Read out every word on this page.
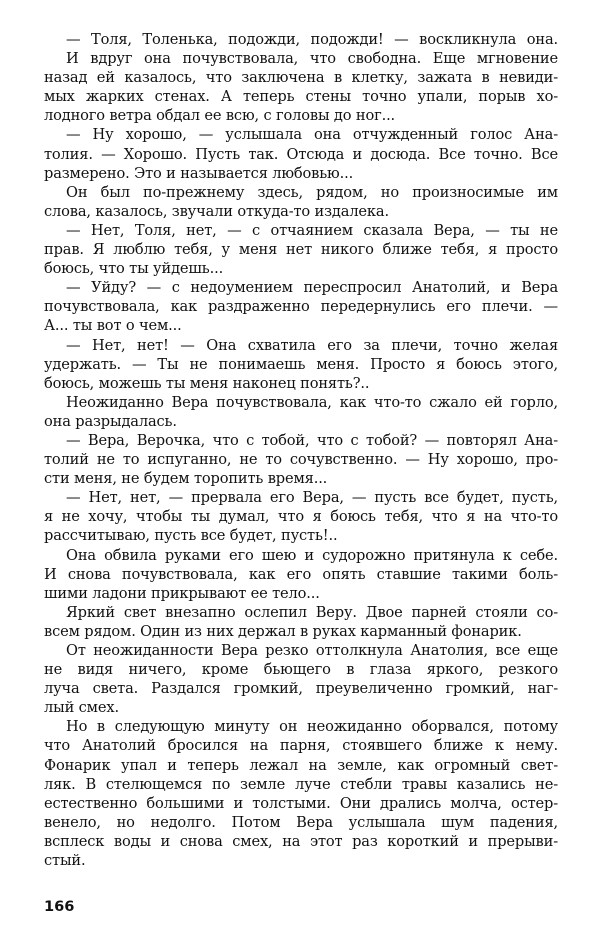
— Толя, Толенька, подожди, подожди! — воскликнула она.
И вдруг она почувствовала, что свободна. Еще мгновение
назад ей казалось, что заключена в клетку, зажата в невиди-
мых жарких стенах. А теперь стены точно упали, порыв хо-
лодного ветра обдал ее всю, с головы до ног...
— Ну хорошо, — услышала она отчужденный голос Ана-
толия. — Хорошо. Пусть так. Отсюда и досюда. Все точно. Все
размерено. Это и называется любовью...
Он был по-прежнему здесь, рядом, но произносимые им
слова, казалось, звучали откуда-то издалека.
— Нет, Толя, нет, — с отчаянием сказала Вера, — ты не
прав. Я люблю тебя, у меня нет никого ближе тебя, я просто
боюсь, что ты уйдешь...
— Уйду? — с недоумением переспросил Анатолий, и Вера
почувствовала, как раздраженно передернулись его плечи. —
А... ты вот о чем...
— Нет, нет! — Она схватила его за плечи, точно желая
удержать. — Ты не понимаешь меня. Просто я боюсь этого,
боюсь, можешь ты меня наконец понять?..
Неожиданно Вера почувствовала, как что-то сжало ей горло,
она разрыдалась.
— Вера, Верочка, что с тобой, что с тобой? — повторял Ана-
толий не то испуганно, не то сочувственно. — Ну хорошо, про-
сти меня, не будем торопить время...
— Нет, нет, — прервала его Вера, — пусть все будет, пусть,
я не хочу, чтобы ты думал, что я боюсь тебя, что я на что-то
рассчитываю, пусть все будет, пусть!..
Она обвила руками его шею и судорожно притянула к себе.
И снова почувствовала, как его опять ставшие такими боль-
шими ладони прикрывают ее тело...
Яркий свет внезапно ослепил Веру. Двое парней стояли со-
всем рядом. Один из них держал в руках карманный фонарик.
От неожиданности Вера резко оттолкнула Анатолия, все еще
не видя ничего, кроме бьющего в глаза яркого, резкого
луча света. Раздался громкий, преувеличенно громкий, наг-
лый смех.
Но в следующую минуту он неожиданно оборвался, потому
что Анатолий бросился на парня, стоявшего ближе к нему.
Фонарик упал и теперь лежал на земле, как огромный свет-
ляк. В стелющемся по земле луче стебли травы казались не-
естественно большими и толстыми. Они дрались молча, остер-
венело, но недолго. Потом Вера услышала шум падения,
всплеск воды и снова смех, на этот раз короткий и прерыви-
стый.
166
